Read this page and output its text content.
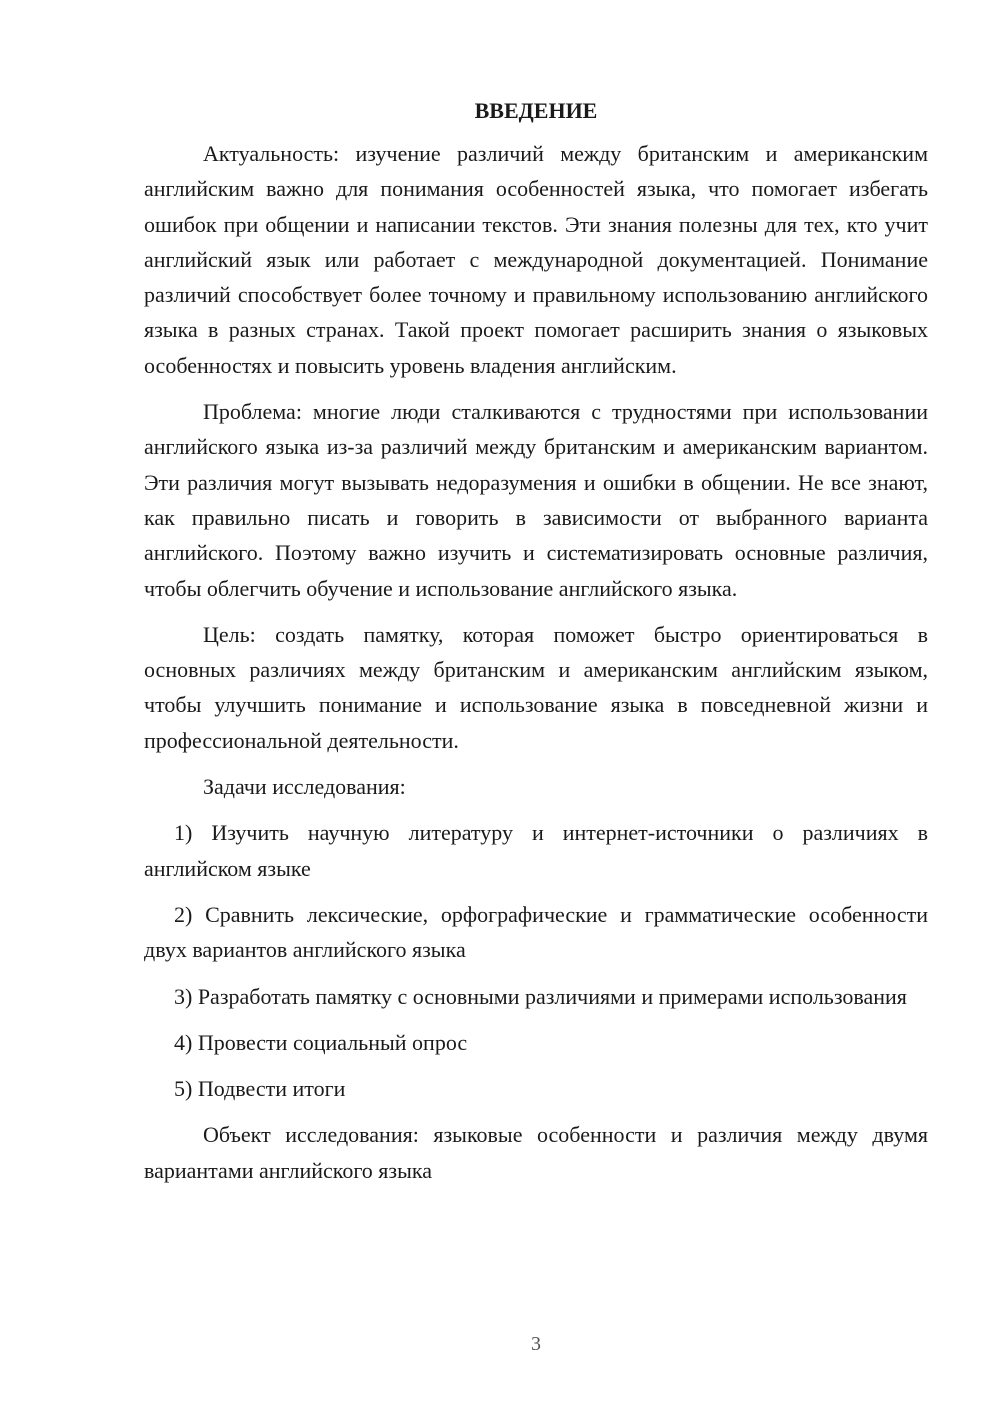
ВВЕДЕНИЕ

Актуальность: изучение различий между британским и американским английским важно для понимания особенностей языка, что помогает избегать ошибок при общении и написании текстов. Эти знания полезны для тех, кто учит английский язык или работает с международной документацией. Понимание различий способствует более точному и правильному использованию английского языка в разных странах. Такой проект помогает расширить знания о языковых особенностях и повысить уровень владения английским.

Проблема: многие люди сталкиваются с трудностями при использовании английского языка из-за различий между британским и американским вариантом. Эти различия могут вызывать недоразумения и ошибки в общении. Не все знают, как правильно писать и говорить в зависимости от выбранного варианта английского. Поэтому важно изучить и систематизировать основные различия, чтобы облегчить обучение и использование английского языка.

Цель: создать памятку, которая поможет быстро ориентироваться в основных различиях между британским и американским английским языком, чтобы улучшить понимание и использование языка в повседневной жизни и профессиональной деятельности.

Задачи исследования:

1) Изучить научную литературу и интернет-источники о различиях в английском языке

2) Сравнить лексические, орфографические и грамматические особенности двух вариантов английского языка

3) Разработать памятку с основными различиями и примерами использования

4) Провести социальный опрос

5) Подвести итоги

Объект исследования: языковые особенности и различия между двумя вариантами английского языка

3
